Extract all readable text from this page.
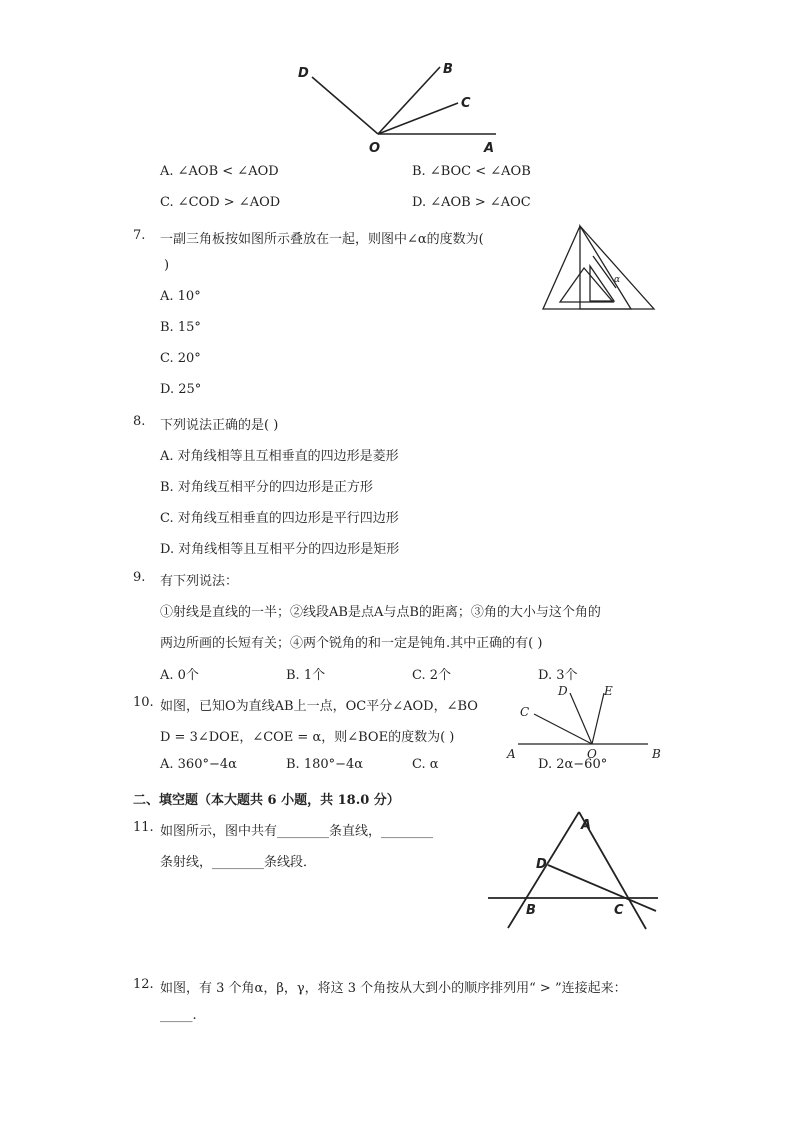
D	B
C
O	A
A. ∠AOB < ∠AOD	B. ∠BOC < ∠AOB
C. ∠COD > ∠AOD	D. ∠AOB > ∠AOC
7. 一副三角板按如图所示叠放在一起，则图中∠α的度数为(
)
α
A. 10°
B. 15°
C. 20°
D. 25°
8. 下列说法正确的是( )
A. 对角线相等且互相垂直的四边形是菱形
B. 对角线互相平分的四边形是正方形
C. 对角线互相垂直的四边形是平行四边形
D. 对角线相等且互相平分的四边形是矩形
9. 有下列说法：
①射线是直线的一半；②线段AB是点A与点B的距离；③角的大小与这个角的
两边所画的长短有关；④两个锐角的和一定是钝角.其中正确的有( )
A. 0个	B. 1个	C. 2个	D. 3个
10. 如图，已知O为直线AB上一点，OC平分∠AOD，∠BO
D = 3∠DOE，∠COE = α，则∠BOE的度数为( )
D	E
C
A	O	B
A. 360°−4α	B. 180°−4α	C. α	D. 2α−60°
二、填空题（本大题共 6 小题，共 18.0 分）
11. 如图所示，图中共有________条直线，________
条射线，________条线段．
A
D
B	C
12. 如图，有 3 个角α，β，γ，将这 3 个角按从大到小的顺序排列用“ > ”连接起来：
_____.
